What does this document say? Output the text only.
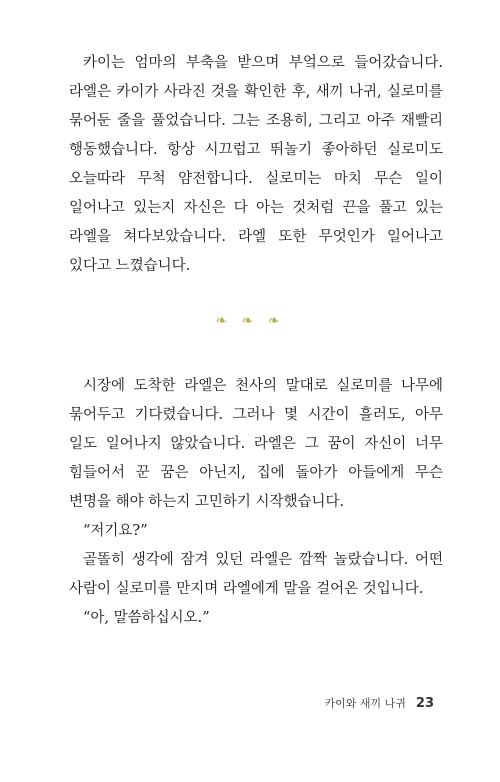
카이는 엄마의 부축을 받으며 부엌으로 들어갔습니다. 라엘은 카이가 사라진 것을 확인한 후, 새끼 나귀, 실로미를 묶어둔 줄을 풀었습니다. 그는 조용히, 그리고 아주 재빨리 행동했습니다. 항상 시끄럽고 뛰놀기 좋아하던 실로미도 오늘따라 무척 얌전합니다. 실로미는 마치 무슨 일이 일어나고 있는지 자신은 다 아는 것처럼 끈을 풀고 있는 라엘을 쳐다보았습니다. 라엘 또한 무엇인가 일어나고 있다고 느꼈습니다.

❧ ❧ ❧

시장에 도착한 라엘은 천사의 말대로 실로미를 나무에 묶어두고 기다렸습니다. 그러나 몇 시간이 흘러도, 아무 일도 일어나지 않았습니다. 라엘은 그 꿈이 자신이 너무 힘들어서 꾼 꿈은 아닌지, 집에 돌아가 아들에게 무슨 변명을 해야 하는지 고민하기 시작했습니다.

“저기요?”

골똘히 생각에 잠겨 있던 라엘은 깜짝 놀랐습니다. 어떤 사람이 실로미를 만지며 라엘에게 말을 걸어온 것입니다.

“아, 말씀하십시오.”

카이와 새끼 나귀 23
